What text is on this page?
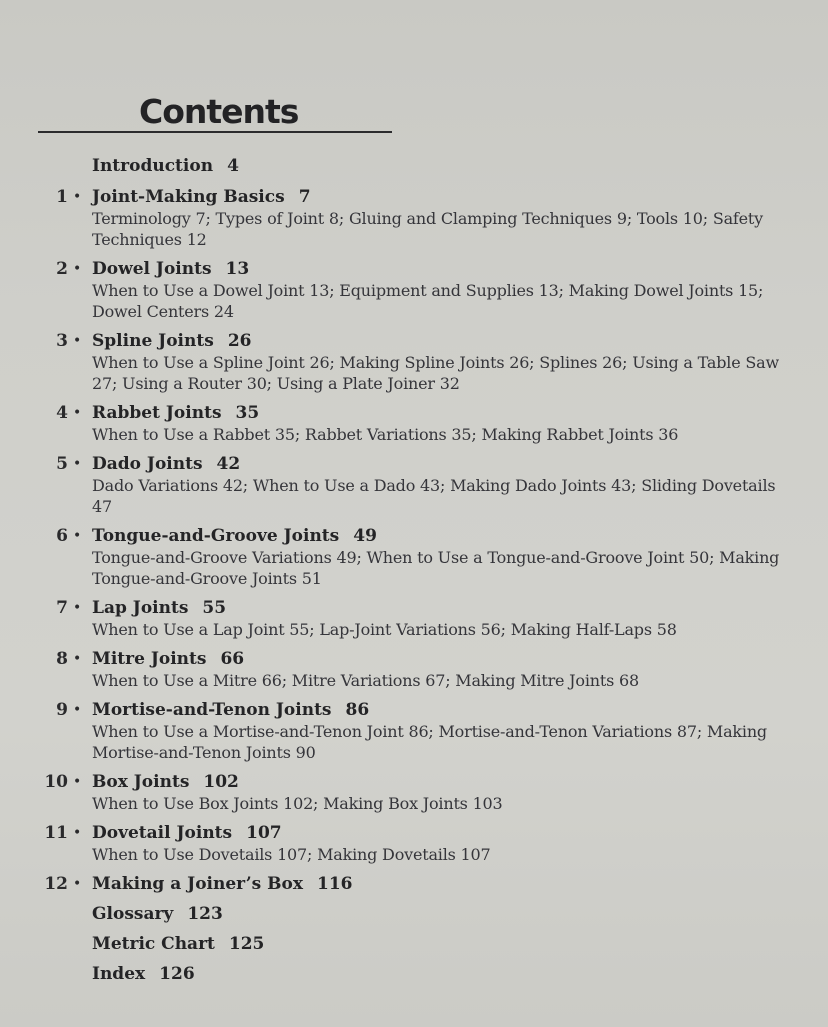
Contents
Introduction 4
1 • Joint-Making Basics 7
Terminology 7; Types of Joint 8; Gluing and Clamping Techniques 9; Tools 10; Safety Techniques 12
2 • Dowel Joints 13
When to Use a Dowel Joint 13; Equipment and Supplies 13; Making Dowel Joints 15; Dowel Centers 24
3 • Spline Joints 26
When to Use a Spline Joint 26; Making Spline Joints 26; Splines 26; Using a Table Saw 27; Using a Router 30; Using a Plate Joiner 32
4 • Rabbet Joints 35
When to Use a Rabbet 35; Rabbet Variations 35; Making Rabbet Joints 36
5 • Dado Joints 42
Dado Variations 42; When to Use a Dado 43; Making Dado Joints 43; Sliding Dovetails 47
6 • Tongue-and-Groove Joints 49
Tongue-and-Groove Variations 49; When to Use a Tongue-and-Groove Joint 50; Making Tongue-and-Groove Joints 51
7 • Lap Joints 55
When to Use a Lap Joint 55; Lap-Joint Variations 56; Making Half-Laps 58
8 • Mitre Joints 66
When to Use a Mitre 66; Mitre Variations 67; Making Mitre Joints 68
9 • Mortise-and-Tenon Joints 86
When to Use a Mortise-and-Tenon Joint 86; Mortise-and-Tenon Variations 87; Making Mortise-and-Tenon Joints 90
10 • Box Joints 102
When to Use Box Joints 102; Making Box Joints 103
11 • Dovetail Joints 107
When to Use Dovetails 107; Making Dovetails 107
12 • Making a Joiner’s Box 116
Glossary 123
Metric Chart 125
Index 126
